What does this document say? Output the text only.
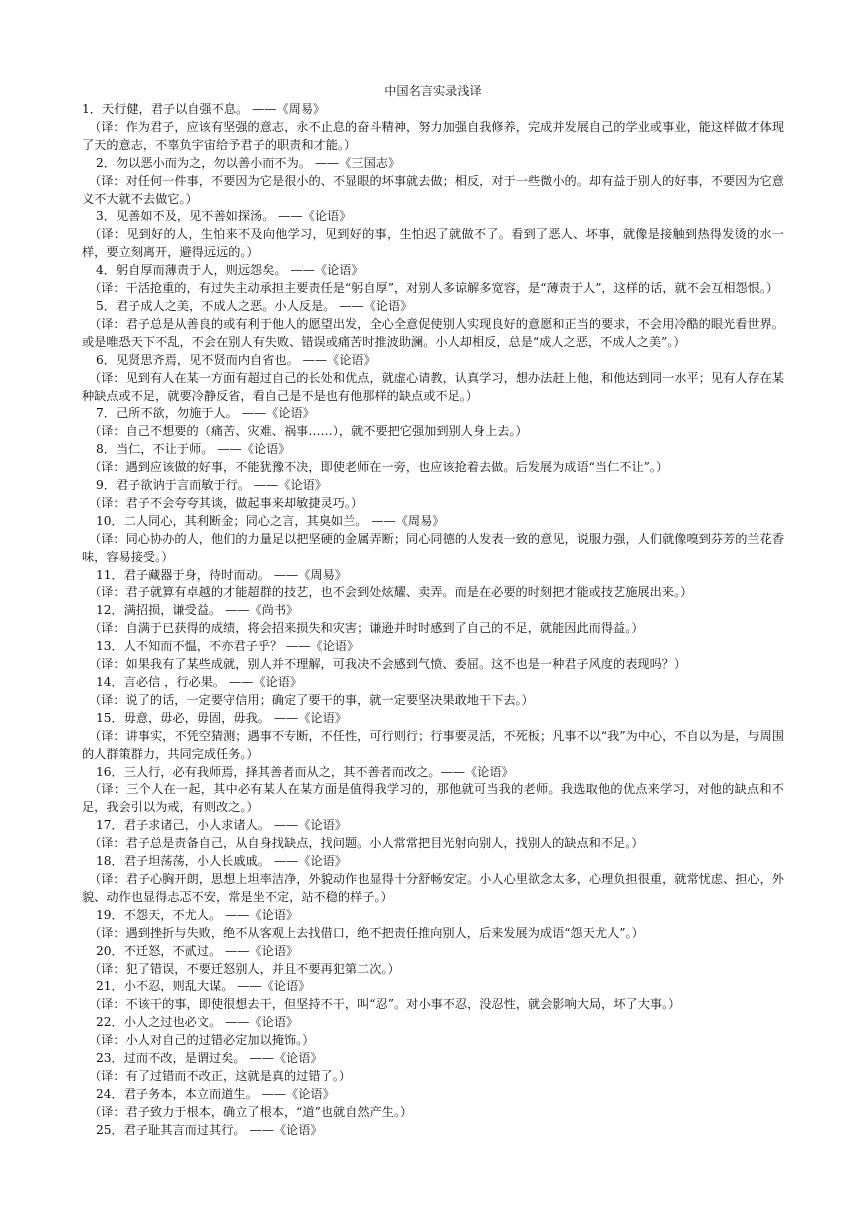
中国名言实录浅译

1．天行健，君子以自强不息。 ——《周易》

（译：作为君子，应该有坚强的意志，永不止息的奋斗精神，努力加强自我修养，完成并发展自己的学业或事业，能这样做才体现了天的意志，不辜负宇宙给予君子的职责和才能。）

2．勿以恶小而为之，勿以善小而不为。 ——《三国志》

（译：对任何一件事，不要因为它是很小的、不显眼的坏事就去做；相反，对于一些微小的。却有益于别人的好事，不要因为它意义不大就不去做它。）

3．见善如不及，见不善如探汤。 ——《论语》

（译：见到好的人，生怕来不及向他学习，见到好的事，生怕迟了就做不了。看到了恶人、坏事，就像是接触到热得发烫的水一样，要立刻离开，避得远远的。）

4．躬自厚而薄责于人，则远怨矣。 ——《论语》

（译：干活抢重的，有过失主动承担主要责任是“躬自厚”，对别人多谅解多宽容，是“薄责于人”，这样的话，就不会互相怨恨。）

5．君子成人之美，不成人之恶。小人反是。 ——《论语》

（译：君子总是从善良的或有利于他人的愿望出发，全心全意促使别人实现良好的意愿和正当的要求，不会用冷酷的眼光看世界。或是唯恐天下不乱，不会在别人有失败、错误或痛苦时推波助澜。小人却相反，总是“成人之恶，不成人之美”。）

6．见贤思齐焉，见不贤而内自省也。 ——《论语》

（译：见到有人在某一方面有超过自己的长处和优点，就虚心请教，认真学习，想办法赶上他，和他达到同一水平；见有人存在某种缺点或不足，就要冷静反省，看自己是不是也有他那样的缺点或不足。）

7．己所不欲，勿施于人。 ——《论语》

（译：自己不想要的（痛苦、灾难、祸事……），就不要把它强加到别人身上去。）

8．当仁，不让于师。 ——《论语》

（译：遇到应该做的好事，不能犹豫不决，即使老师在一旁，也应该抢着去做。后发展为成语“当仁不让”。）

9．君子欲讷于言而敏于行。 ——《论语》

（译：君子不会夸夸其谈，做起事来却敏捷灵巧。）

10．二人同心，其利断金；同心之言，其臭如兰。 ——《周易》

（译：同心协办的人，他们的力量足以把坚硬的金属弄断；同心同德的人发表一致的意见，说服力强，人们就像嗅到芬芳的兰花香味，容易接受。）

11．君子藏器于身，待时而动。 ——《周易》

（译：君子就算有卓越的才能超群的技艺，也不会到处炫耀、卖弄。而是在必要的时刻把才能或技艺施展出来。）

12．满招损，谦受益。 ——《尚书》

（译：自满于已获得的成绩，将会招来损失和灾害；谦逊并时时感到了自己的不足，就能因此而得益。）

13．人不知而不愠，不亦君子乎？ ——《论语》

（译：如果我有了某些成就，别人并不理解，可我决不会感到气愤、委屈。这不也是一种君子风度的表现吗？）

14．言必信 ，行必果。 ——《论语》

（译：说了的话，一定要守信用；确定了要干的事，就一定要坚决果敢地干下去。）

15．毋意，毋必，毋固，毋我。 ——《论语》

（译：讲事实，不凭空猜测；遇事不专断，不任性，可行则行；行事要灵活，不死板；凡事不以“我”为中心，不自以为是，与周围的人群策群力，共同完成任务。）

16．三人行，必有我师焉，择其善者而从之，其不善者而改之。——《论语》

（译：三个人在一起，其中必有某人在某方面是值得我学习的，那他就可当我的老师。我选取他的优点来学习，对他的缺点和不足，我会引以为戒，有则改之。）

17．君子求诸己，小人求诸人。 ——《论语》

（译：君子总是责备自己，从自身找缺点，找问题。小人常常把目光射向别人，找别人的缺点和不足。）

18．君子坦荡荡，小人长戚戚。 ——《论语》

（译：君子心胸开朗，思想上坦率洁净，外貌动作也显得十分舒畅安定。小人心里欲念太多，心理负担很重，就常忧虑、担心，外貌、动作也显得忐忑不安，常是坐不定，站不稳的样子。）

19．不怨天，不尤人。 ——《论语》

（译：遇到挫折与失败，绝不从客观上去找借口，绝不把责任推向别人，后来发展为成语“怨天尤人”。）

20．不迁怒，不贰过。 ——《论语》

（译：犯了错误，不要迁怒别人，并且不要再犯第二次。）

21．小不忍，则乱大谋。 ——《论语》

（译：不该干的事，即使很想去干，但坚持不干，叫“忍”。对小事不忍，没忍性，就会影响大局，坏了大事。）

22．小人之过也必文。 ——《论语》

（译：小人对自己的过错必定加以掩饰。）

23．过而不改，是谓过矣。 ——《论语》

（译：有了过错而不改正，这就是真的过错了。）

24．君子务本，本立而道生。 ——《论语》

（译：君子致力于根本，确立了根本，“道”也就自然产生。）

25．君子耻其言而过其行。 ——《论语》
